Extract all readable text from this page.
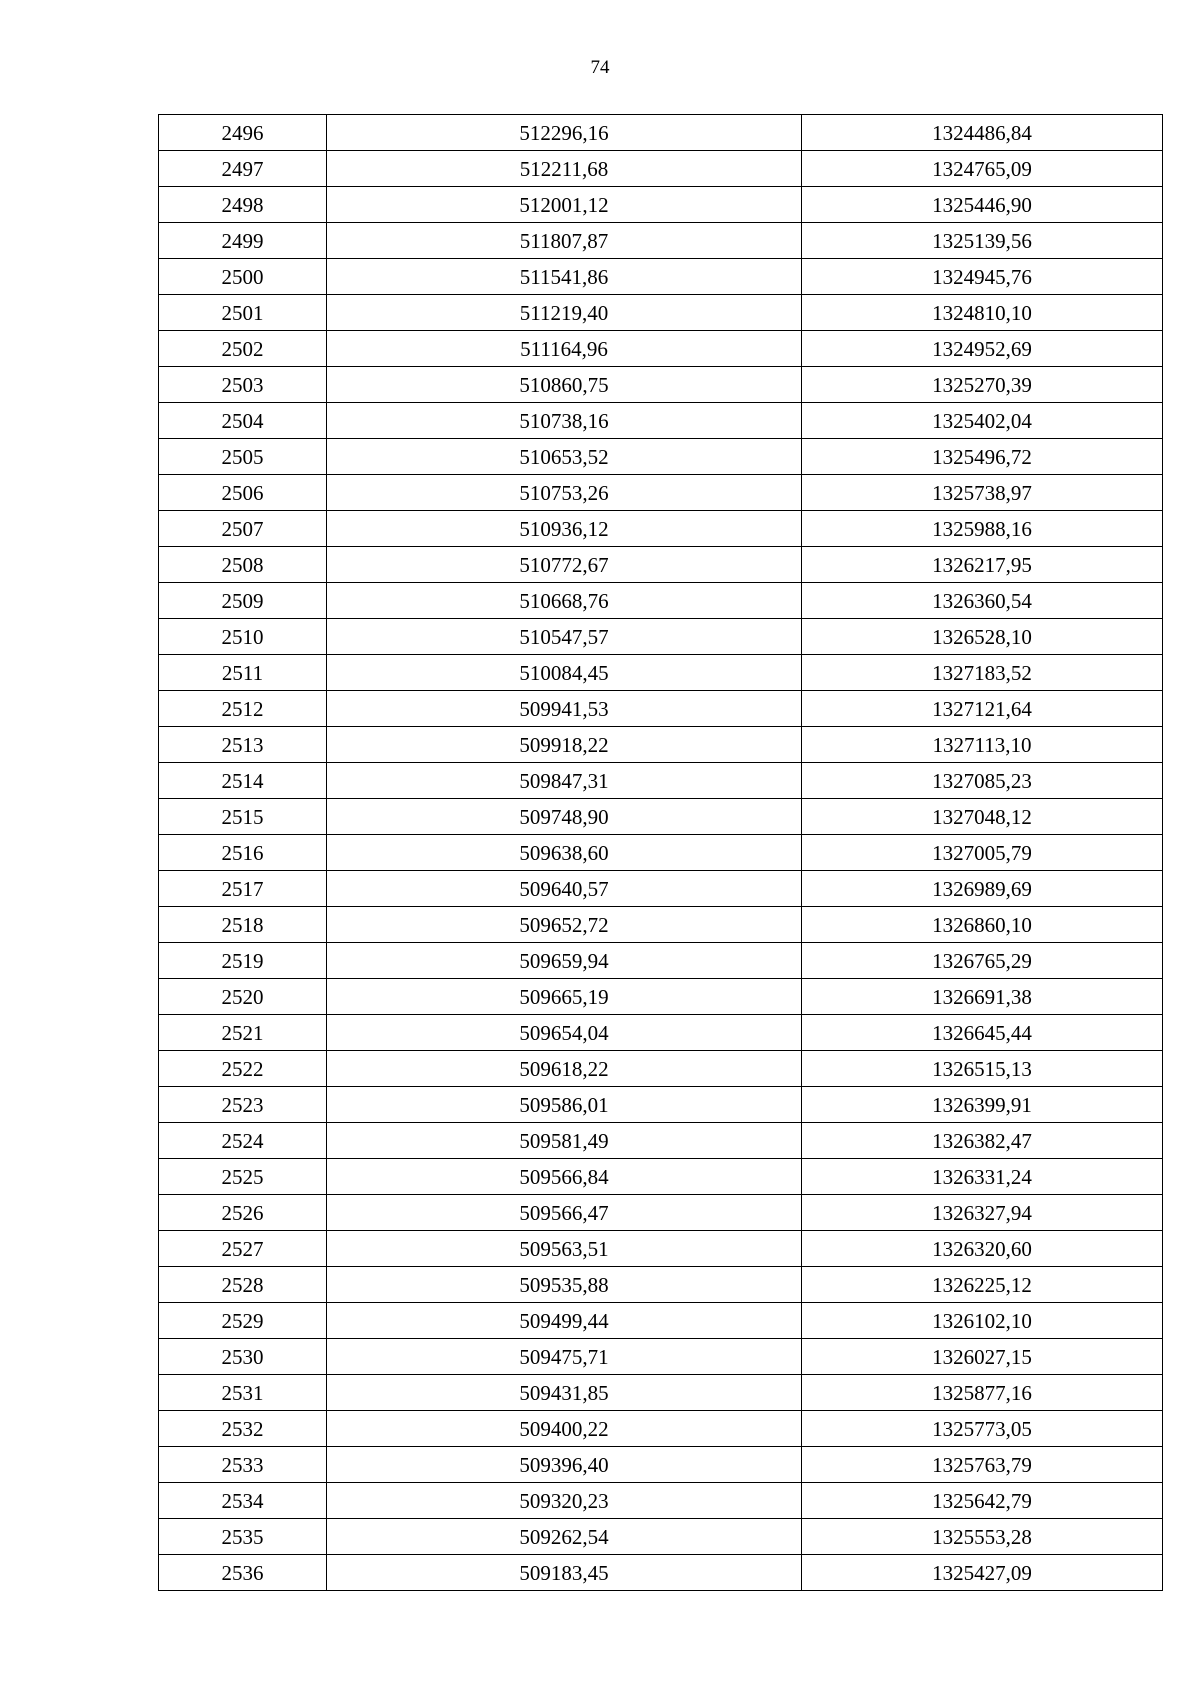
74
2496	512296,16	1324486,84
2497	512211,68	1324765,09
2498	512001,12	1325446,90
2499	511807,87	1325139,56
2500	511541,86	1324945,76
2501	511219,40	1324810,10
2502	511164,96	1324952,69
2503	510860,75	1325270,39
2504	510738,16	1325402,04
2505	510653,52	1325496,72
2506	510753,26	1325738,97
2507	510936,12	1325988,16
2508	510772,67	1326217,95
2509	510668,76	1326360,54
2510	510547,57	1326528,10
2511	510084,45	1327183,52
2512	509941,53	1327121,64
2513	509918,22	1327113,10
2514	509847,31	1327085,23
2515	509748,90	1327048,12
2516	509638,60	1327005,79
2517	509640,57	1326989,69
2518	509652,72	1326860,10
2519	509659,94	1326765,29
2520	509665,19	1326691,38
2521	509654,04	1326645,44
2522	509618,22	1326515,13
2523	509586,01	1326399,91
2524	509581,49	1326382,47
2525	509566,84	1326331,24
2526	509566,47	1326327,94
2527	509563,51	1326320,60
2528	509535,88	1326225,12
2529	509499,44	1326102,10
2530	509475,71	1326027,15
2531	509431,85	1325877,16
2532	509400,22	1325773,05
2533	509396,40	1325763,79
2534	509320,23	1325642,79
2535	509262,54	1325553,28
2536	509183,45	1325427,09
